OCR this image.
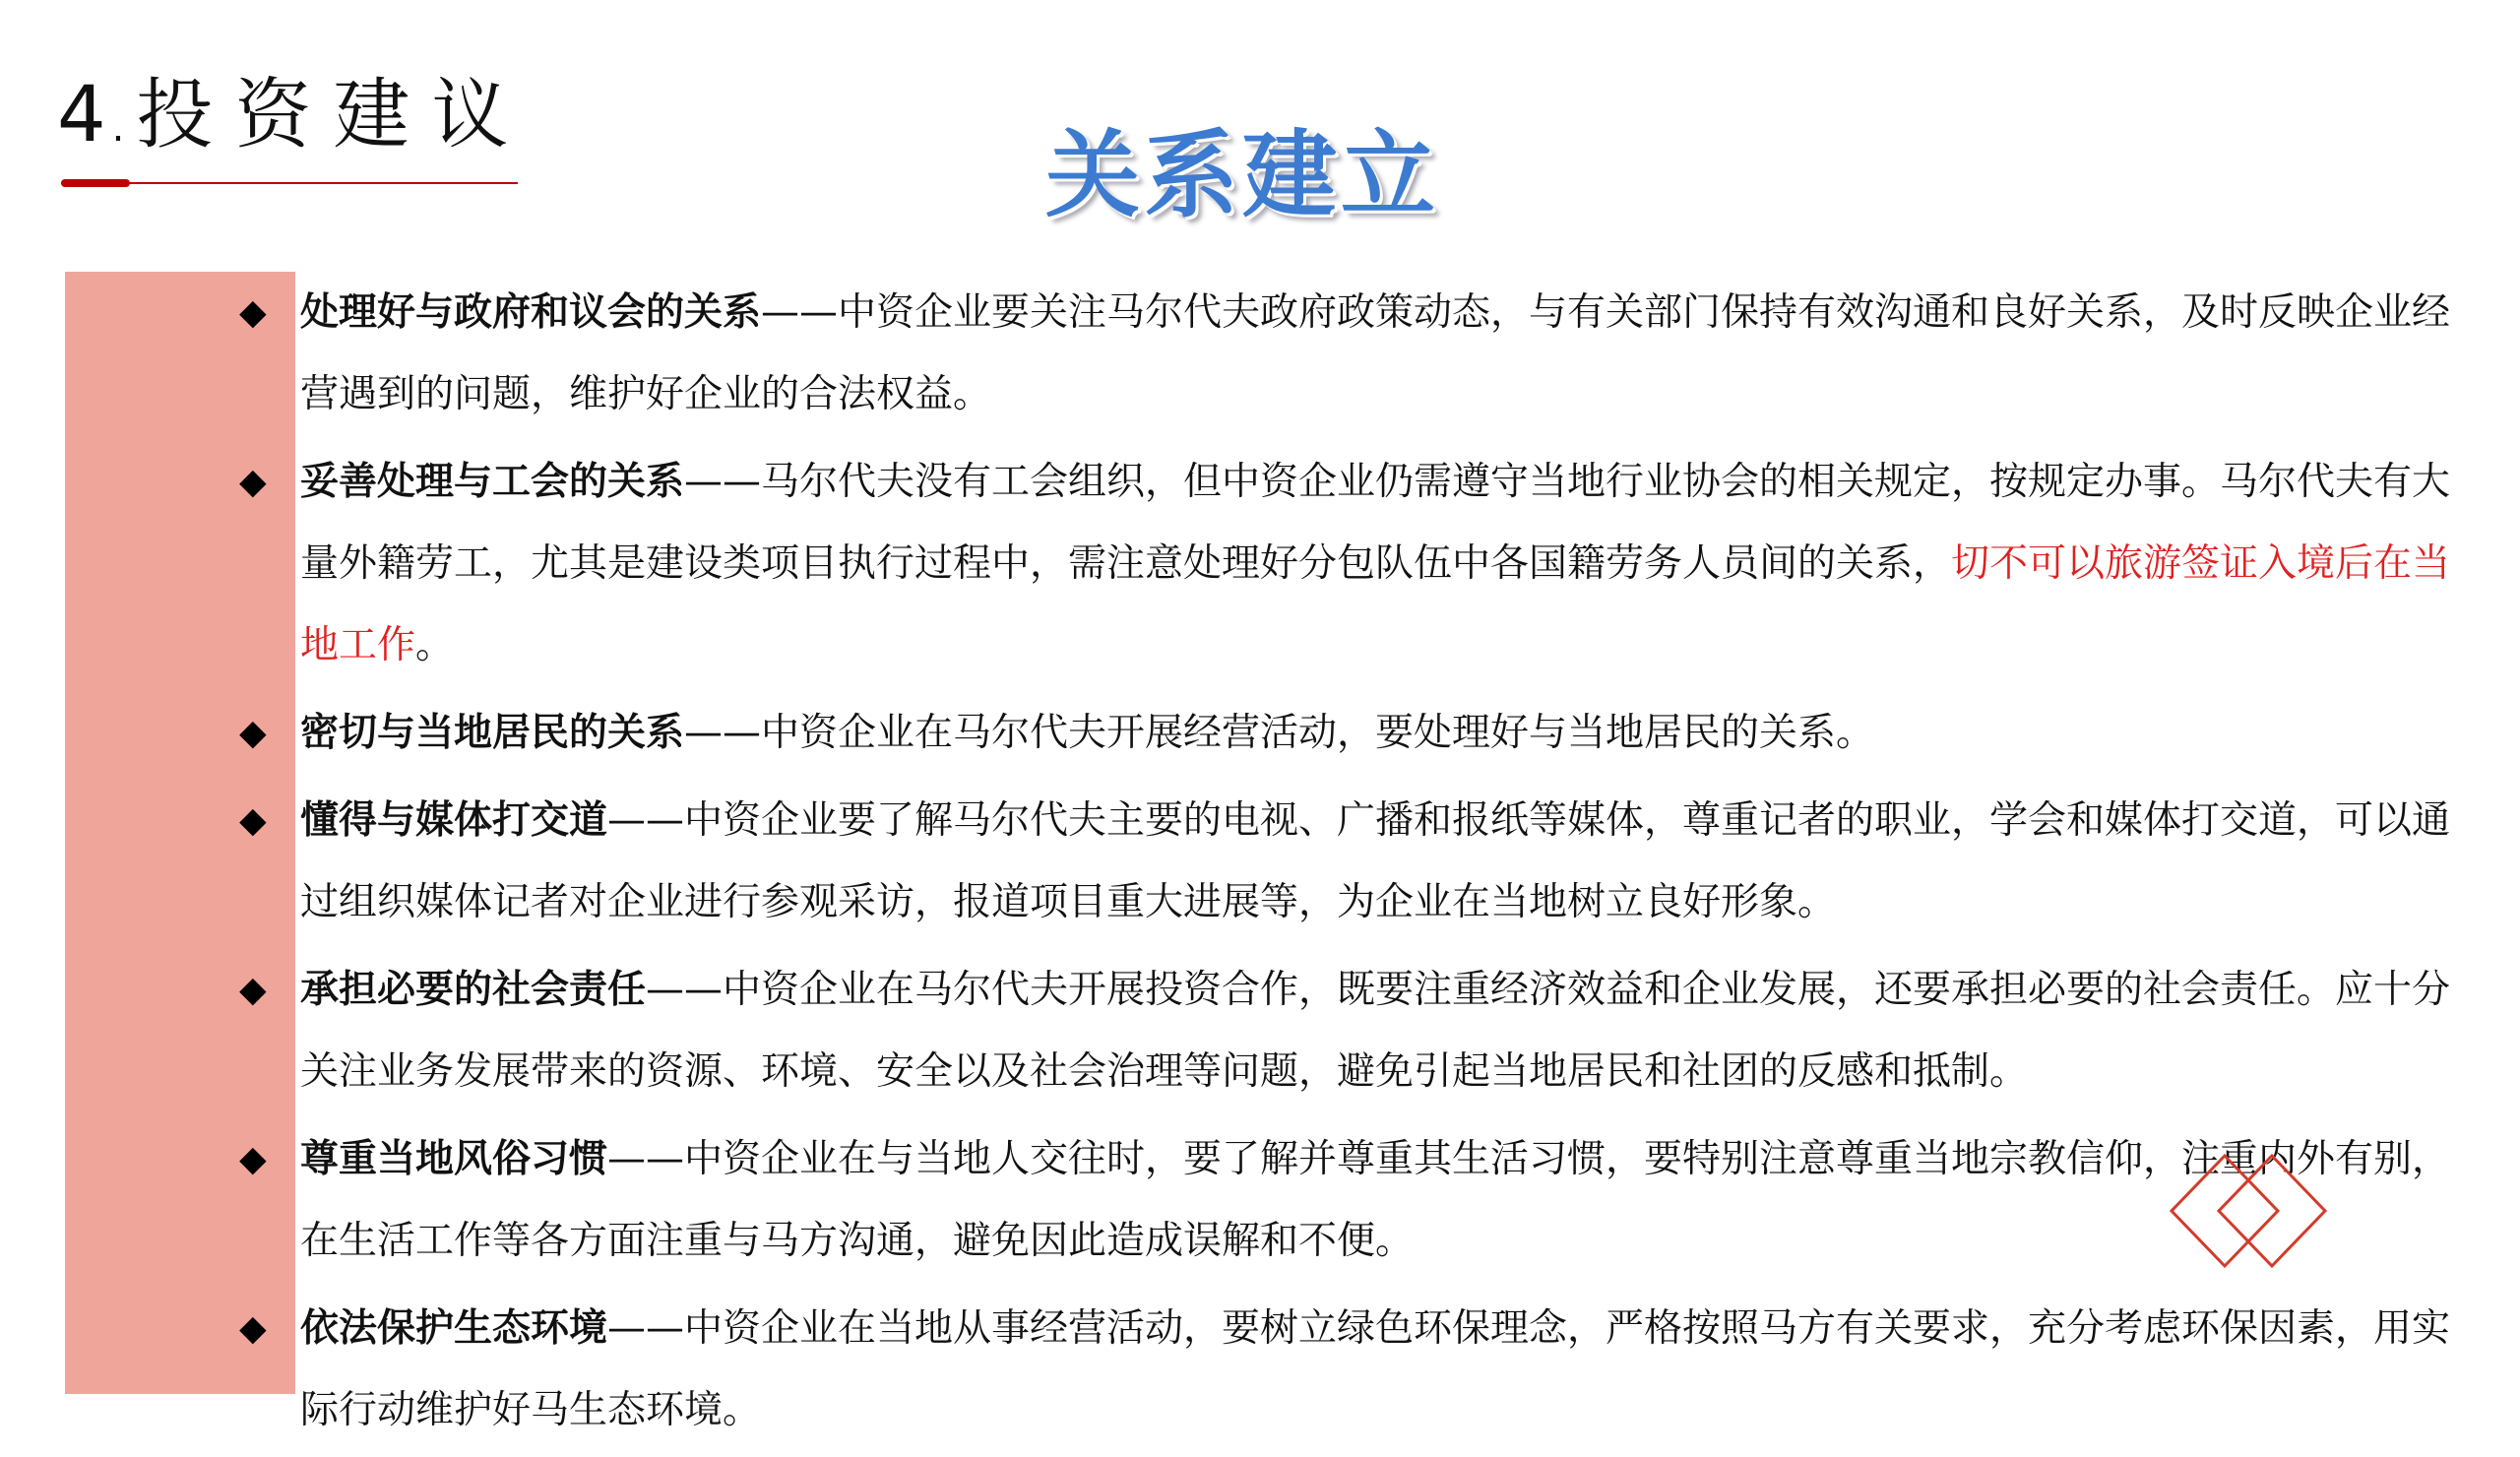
4.投资建议
关系建立

◆ 处理好与政府和议会的关系——中资企业要关注马尔代夫政府政策动态，与有关部门保持有效沟通和良好关系，及时反映企业经营遇到的问题，维护好企业的合法权益。

◆ 妥善处理与工会的关系——马尔代夫没有工会组织，但中资企业仍需遵守当地行业协会的相关规定，按规定办事。马尔代夫有大量外籍劳工，尤其是建设类项目执行过程中，需注意处理好分包队伍中各国籍劳务人员间的关系，切不可以旅游签证入境后在当地工作。

◆ 密切与当地居民的关系——中资企业在马尔代夫开展经营活动，要处理好与当地居民的关系。

◆ 懂得与媒体打交道——中资企业要了解马尔代夫主要的电视、广播和报纸等媒体，尊重记者的职业，学会和媒体打交道，可以通过组织媒体记者对企业进行参观采访，报道项目重大进展等，为企业在当地树立良好形象。

◆ 承担必要的社会责任——中资企业在马尔代夫开展投资合作，既要注重经济效益和企业发展，还要承担必要的社会责任。应十分关注业务发展带来的资源、环境、安全以及社会治理等问题，避免引起当地居民和社团的反感和抵制。

◆ 尊重当地风俗习惯——中资企业在与当地人交往时，要了解并尊重其生活习惯，要特别注意尊重当地宗教信仰，注重内外有别，在生活工作等各方面注重与马方沟通，避免因此造成误解和不便。

◆ 依法保护生态环境——中资企业在当地从事经营活动，要树立绿色环保理念，严格按照马方有关要求，充分考虑环保因素，用实际行动维护好马生态环境。
